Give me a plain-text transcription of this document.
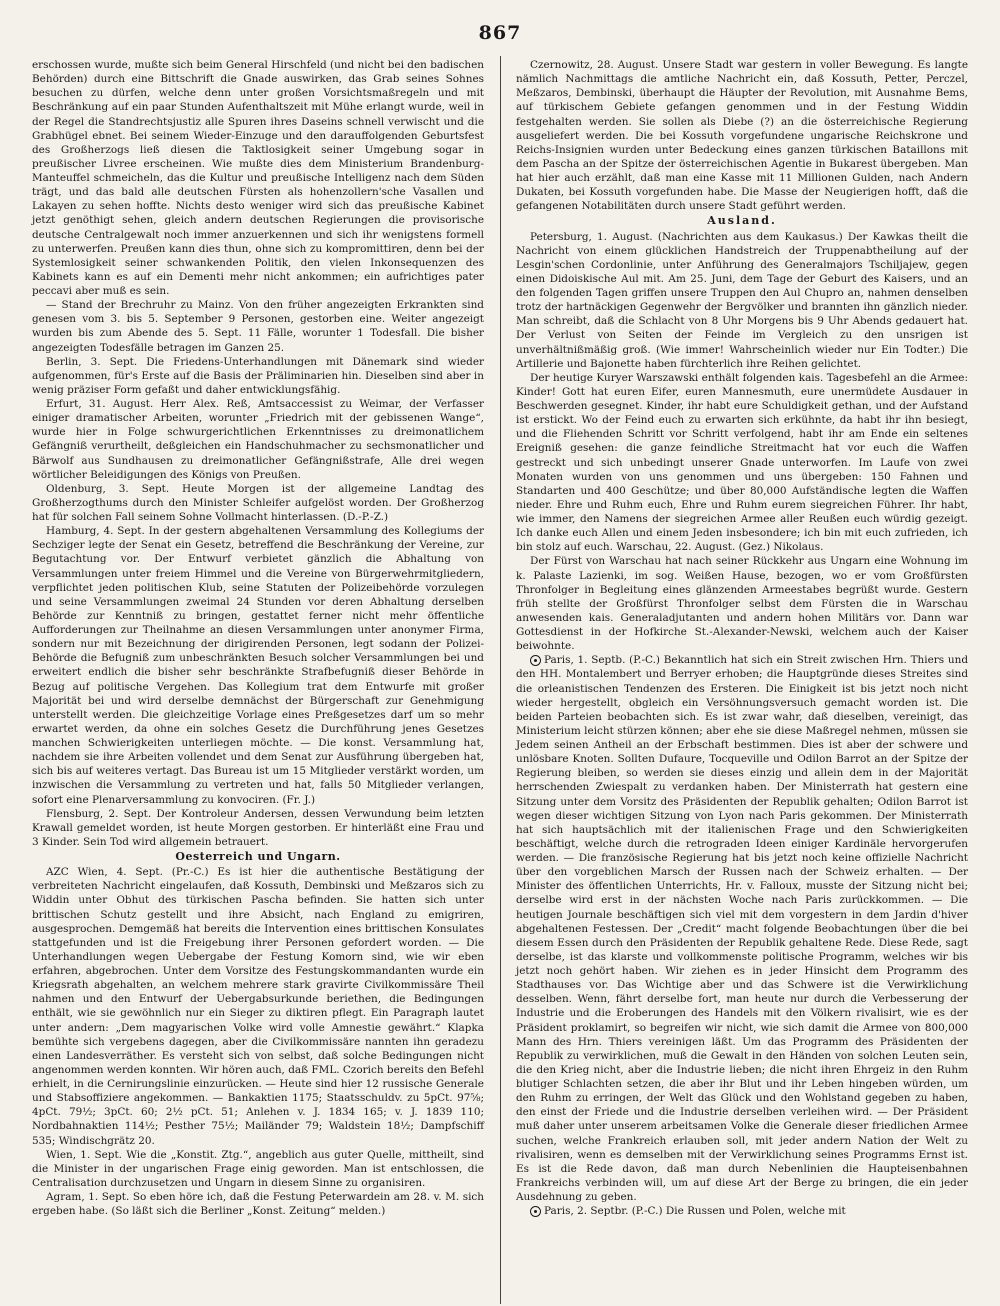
867

erschossen wurde, mußte sich beim General Hirschfeld (und nicht bei den badischen Behörden) durch eine Bittschrift die Gnade auswirken, das Grab seines Sohnes besuchen zu dürfen, welche denn unter großen Vorsichtsmaßregeln und mit Beschränkung auf ein paar Stunden Aufenthaltszeit mit Mühe erlangt wurde, weil in der Regel die Standrechtsjustiz alle Spuren ihres Daseins schnell verwischt und die Grabhügel ebnet. Bei seinem Wieder-Einzuge und den darauffolgenden Geburtsfest des Großherzogs ließ diesen die Taktlosigkeit seiner Umgebung sogar in preußischer Livree erscheinen. Wie mußte dies dem Ministerium Brandenburg-Manteuffel schmeicheln, das die Kultur und preußische Intelligenz nach dem Süden trägt, und das bald alle deutschen Fürsten als hohenzollern'sche Vasallen und Lakayen zu sehen hoffte. Nichts desto weniger wird sich das preußische Kabinet jetzt genöthigt sehen, gleich andern deutschen Regierungen die provisorische deutsche Centralgewalt noch immer anzuerkennen und sich ihr wenigstens formell zu unterwerfen. Preußen kann dies thun, ohne sich zu kompromittiren, denn bei der Systemlosigkeit seiner schwankenden Politik, den vielen Inkonsequenzen des Kabinets kann es auf ein Dementi mehr nicht ankommen; ein aufrichtiges pater peccavi aber muß es sein.

— Stand der Brechruhr zu Mainz. Von den früher angezeigten Erkrankten sind genesen vom 3. bis 5. September 9 Personen, gestorben eine. Weiter angezeigt wurden bis zum Abende des 5. Sept. 11 Fälle, worunter 1 Todesfall. Die bisher angezeigten Todesfälle betragen im Ganzen 25.

Berlin, 3. Sept. Die Friedens-Unterhandlungen mit Dänemark sind wieder aufgenommen, für's Erste auf die Basis der Präliminarien hin. Dieselben sind aber in wenig präziser Form gefaßt und daher entwicklungsfähig.

Erfurt, 31. August. Herr Alex. Reß, Amtsaccessist zu Weimar, der Verfasser einiger dramatischer Arbeiten, worunter „Friedrich mit der gebissenen Wange“, wurde hier in Folge schwurgerichtlichen Erkenntnisses zu dreimonatlichem Gefängniß verurtheilt, deßgleichen ein Handschuhmacher zu sechsmonatlicher und Bärwolf aus Sundhausen zu dreimonatlicher Gefängnißstrafe, Alle drei wegen wörtlicher Beleidigungen des Königs von Preußen.

Oldenburg, 3. Sept. Heute Morgen ist der allgemeine Landtag des Großherzogthums durch den Minister Schleifer aufgelöst worden. Der Großherzog hat für solchen Fall seinem Sohne Vollmacht hinterlassen. (D.-P.-Z.)

Hamburg, 4. Sept. In der gestern abgehaltenen Versammlung des Kollegiums der Sechziger legte der Senat ein Gesetz, betreffend die Beschränkung der Vereine, zur Begutachtung vor. Der Entwurf verbietet gänzlich die Abhaltung von Versammlungen unter freiem Himmel und die Vereine von Bürgerwehrmitgliedern, verpflichtet jeden politischen Klub, seine Statuten der Polizeibehörde vorzulegen und seine Versammlungen zweimal 24 Stunden vor deren Abhaltung derselben Behörde zur Kenntniß zu bringen, gestattet ferner nicht mehr öffentliche Aufforderungen zur Theilnahme an diesen Versammlungen unter anonymer Firma, sondern nur mit Bezeichnung der dirigirenden Personen, legt sodann der Polizei-Behörde die Befugniß zum unbeschränkten Besuch solcher Versammlungen bei und erweitert endlich die bisher sehr beschränkte Strafbefugniß dieser Behörde in Bezug auf politische Vergehen. Das Kollegium trat dem Entwurfe mit großer Majorität bei und wird derselbe demnächst der Bürgerschaft zur Genehmigung unterstellt werden. Die gleichzeitige Vorlage eines Preßgesetzes darf um so mehr erwartet werden, da ohne ein solches Gesetz die Durchführung jenes Gesetzes manchen Schwierigkeiten unterliegen möchte. — Die konst. Versammlung hat, nachdem sie ihre Arbeiten vollendet und dem Senat zur Ausführung übergeben hat, sich bis auf weiteres vertagt. Das Bureau ist um 15 Mitglieder verstärkt worden, um inzwischen die Versammlung zu vertreten und hat, falls 50 Mitglieder verlangen, sofort eine Plenarversammlung zu konvociren. (Fr. J.)

Flensburg, 2. Sept. Der Kontroleur Andersen, dessen Verwundung beim letzten Krawall gemeldet worden, ist heute Morgen gestorben. Er hinterläßt eine Frau und 3 Kinder. Sein Tod wird allgemein betrauert.

Oesterreich und Ungarn.

AZC Wien, 4. Sept. (Pr.-C.) Es ist hier die authentische Bestätigung der verbreiteten Nachricht eingelaufen, daß Kossuth, Dembinski und Meßzaros sich zu Widdin unter Obhut des türkischen Pascha befinden. Sie hatten sich unter brittischen Schutz gestellt und ihre Absicht, nach England zu emigriren, ausgesprochen. Demgemäß hat bereits die Intervention eines brittischen Konsulates stattgefunden und ist die Freigebung ihrer Personen gefordert worden. — Die Unterhandlungen wegen Uebergabe der Festung Komorn sind, wie wir eben erfahren, abgebrochen. Unter dem Vorsitze des Festungskommandanten wurde ein Kriegsrath abgehalten, an welchem mehrere stark gravirte Civilkommissäre Theil nahmen und den Entwurf der Uebergabsurkunde beriethen, die Bedingungen enthält, wie sie gewöhnlich nur ein Sieger zu diktiren pflegt. Ein Paragraph lautet unter andern: „Dem magyarischen Volke wird volle Amnestie gewährt.“ Klapka bemühte sich vergebens dagegen, aber die Civilkommissäre nannten ihn geradezu einen Landesverräther. Es versteht sich von selbst, daß solche Bedingungen nicht angenommen werden konnten. Wir hören auch, daß FML. Czorich bereits den Befehl erhielt, in die Cernirungslinie einzurücken. — Heute sind hier 12 russische Generale und Stabsoffiziere angekommen. — Bankaktien 1175; Staatsschuldv. zu 5pCt. 97⅝; 4pCt. 79½; 3pCt. 60; 2½ pCt. 51; Anlehen v. J. 1834 165; v. J. 1839 110; Nordbahnaktien 114½; Pesther 75½; Mailänder 79; Waldstein 18½; Dampfschiff 535; Windischgrätz 20.

Wien, 1. Sept. Wie die „Konstit. Ztg.“, angeblich aus guter Quelle, mittheilt, sind die Minister in der ungarischen Frage einig geworden. Man ist entschlossen, die Centralisation durchzusetzen und Ungarn in diesem Sinne zu organisiren.

Agram, 1. Sept. So eben höre ich, daß die Festung Peterwardein am 28. v. M. sich ergeben habe. (So läßt sich die Berliner „Konst. Zeitung“ melden.)

Czernowitz, 28. August. Unsere Stadt war gestern in voller Bewegung. Es langte nämlich Nachmittags die amtliche Nachricht ein, daß Kossuth, Petter, Perczel, Meßzaros, Dembinski, überhaupt die Häupter der Revolution, mit Ausnahme Bems, auf türkischem Gebiete gefangen genommen und in der Festung Widdin festgehalten werden. Sie sollen als Diebe (?) an die österreichische Regierung ausgeliefert werden. Die bei Kossuth vorgefundene ungarische Reichskrone und Reichs-Insignien wurden unter Bedeckung eines ganzen türkischen Bataillons mit dem Pascha an der Spitze der österreichischen Agentie in Bukarest übergeben. Man hat hier auch erzählt, daß man eine Kasse mit 11 Millionen Gulden, nach Andern Dukaten, bei Kossuth vorgefunden habe. Die Masse der Neugierigen hofft, daß die gefangenen Notabilitäten durch unsere Stadt geführt werden.

Ausland.

Petersburg, 1. August. (Nachrichten aus dem Kaukasus.) Der Kawkas theilt die Nachricht von einem glücklichen Handstreich der Truppenabtheilung auf der Lesgin'schen Cordonlinie, unter Anführung des Generalmajors Tschiljajew, gegen einen Didoiskische Aul mit. Am 25. Juni, dem Tage der Geburt des Kaisers, und an den folgenden Tagen griffen unsere Truppen den Aul Chupro an, nahmen denselben trotz der hartnäckigen Gegenwehr der Bergvölker und brannten ihn gänzlich nieder. Man schreibt, daß die Schlacht von 8 Uhr Morgens bis 9 Uhr Abends gedauert hat. Der Verlust von Seiten der Feinde im Vergleich zu den unsrigen ist unverhältnißmäßig groß. (Wie immer! Wahrscheinlich wieder nur Ein Todter.) Die Artillerie und Bajonette haben fürchterlich ihre Reihen gelichtet.

Der heutige Kuryer Warszawski enthält folgenden kais. Tagesbefehl an die Armee: Kinder! Gott hat euren Eifer, euren Mannesmuth, eure unermüdete Ausdauer in Beschwerden gesegnet. Kinder, ihr habt eure Schuldigkeit gethan, und der Aufstand ist erstickt. Wo der Feind euch zu erwarten sich erkühnte, da habt ihr ihn besiegt, und die Fliehenden Schritt vor Schritt verfolgend, habt ihr am Ende ein seltenes Ereigniß gesehen: die ganze feindliche Streitmacht hat vor euch die Waffen gestreckt und sich unbedingt unserer Gnade unterworfen. Im Laufe von zwei Monaten wurden von uns genommen und uns übergeben: 150 Fahnen und Standarten und 400 Geschütze; und über 80,000 Aufständische legten die Waffen nieder. Ehre und Ruhm euch, Ehre und Ruhm eurem siegreichen Führer. Ihr habt, wie immer, den Namens der siegreichen Armee aller Reußen euch würdig gezeigt. Ich danke euch Allen und einem Jeden insbesondere; ich bin mit euch zufrieden, ich bin stolz auf euch. Warschau, 22. August. (Gez.) Nikolaus.

Der Fürst von Warschau hat nach seiner Rückkehr aus Ungarn eine Wohnung im k. Palaste Lazienki, im sog. Weißen Hause, bezogen, wo er vom Großfürsten Thronfolger in Begleitung eines glänzenden Armeestabes begrüßt wurde. Gestern früh stellte der Großfürst Thronfolger selbst dem Fürsten die in Warschau anwesenden kais. Generaladjutanten und andern hohen Militärs vor. Dann war Gottesdienst in der Hofkirche St.-Alexander-Newski, welchem auch der Kaiser beiwohnte.

Paris, 1. Septb. (P.-C.) Bekanntlich hat sich ein Streit zwischen Hrn. Thiers und den HH. Montalembert und Berryer erhoben; die Hauptgründe dieses Streites sind die orleanistischen Tendenzen des Ersteren. Die Einigkeit ist bis jetzt noch nicht wieder hergestellt, obgleich ein Versöhnungsversuch gemacht worden ist. Die beiden Parteien beobachten sich. Es ist zwar wahr, daß dieselben, vereinigt, das Ministerium leicht stürzen können; aber ehe sie diese Maßregel nehmen, müssen sie Jedem seinen Antheil an der Erbschaft bestimmen. Dies ist aber der schwere und unlösbare Knoten. Sollten Dufaure, Tocqueville und Odilon Barrot an der Spitze der Regierung bleiben, so werden sie dieses einzig und allein dem in der Majorität herrschenden Zwiespalt zu verdanken haben. Der Ministerrath hat gestern eine Sitzung unter dem Vorsitz des Präsidenten der Republik gehalten; Odilon Barrot ist wegen dieser wichtigen Sitzung von Lyon nach Paris gekommen. Der Ministerrath hat sich hauptsächlich mit der italienischen Frage und den Schwierigkeiten beschäftigt, welche durch die retrograden Ideen einiger Kardinäle hervorgerufen werden. — Die französische Regierung hat bis jetzt noch keine offizielle Nachricht über den vorgeblichen Marsch der Russen nach der Schweiz erhalten. — Der Minister des öffentlichen Unterrichts, Hr. v. Falloux, musste der Sitzung nicht bei; derselbe wird erst in der nächsten Woche nach Paris zurückkommen. — Die heutigen Journale beschäftigen sich viel mit dem vorgestern in dem Jardin d'hiver abgehaltenen Festessen. Der „Credit“ macht folgende Beobachtungen über die bei diesem Essen durch den Präsidenten der Republik gehaltene Rede. Diese Rede, sagt derselbe, ist das klarste und vollkommenste politische Programm, welches wir bis jetzt noch gehört haben. Wir ziehen es in jeder Hinsicht dem Programm des Stadthauses vor. Das Wichtige aber und das Schwere ist die Verwirklichung desselben. Wenn, fährt derselbe fort, man heute nur durch die Verbesserung der Industrie und die Eroberungen des Handels mit den Völkern rivalisirt, wie es der Präsident proklamirt, so begreifen wir nicht, wie sich damit die Armee von 800,000 Mann des Hrn. Thiers vereinigen läßt. Um das Programm des Präsidenten der Republik zu verwirklichen, muß die Gewalt in den Händen von solchen Leuten sein, die den Krieg nicht, aber die Industrie lieben; die nicht ihren Ehrgeiz in den Ruhm blutiger Schlachten setzen, die aber ihr Blut und ihr Leben hingeben würden, um den Ruhm zu erringen, der Welt das Glück und den Wohlstand gegeben zu haben, den einst der Friede und die Industrie derselben verleihen wird. — Der Präsident muß daher unter unserem arbeitsamen Volke die Generale dieser friedlichen Armee suchen, welche Frankreich erlauben soll, mit jeder andern Nation der Welt zu rivalisiren, wenn es demselben mit der Verwirklichung seines Programms Ernst ist. Es ist die Rede davon, daß man durch Nebenlinien die Haupteisenbahnen Frankreichs verbinden will, um auf diese Art der Berge zu bringen, die ein jeder Ausdehnung zu geben.

Paris, 2. Septbr. (P.-C.) Die Russen und Polen, welche mit
